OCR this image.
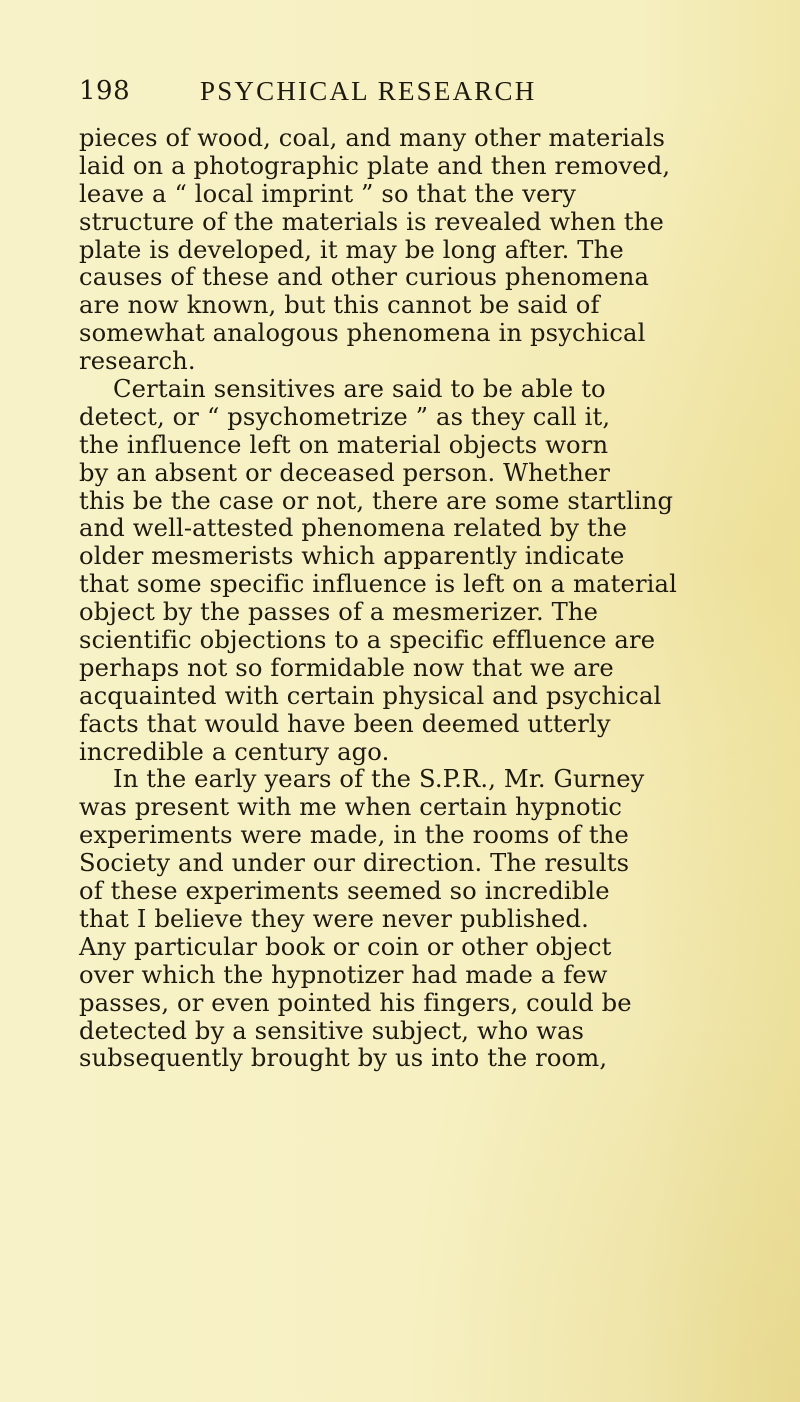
198	PSYCHICAL RESEARCH
pieces of wood, coal, and many other materials
laid on a photographic plate and then removed,
leave a “ local imprint ” so that the very
structure of the materials is revealed when the
plate is developed, it may be long after. The
causes of these and other curious phenomena
are now known, but this cannot be said of
somewhat analogous phenomena in psychical
research.
Certain sensitives are said to be able to
detect, or “ psychometrize ” as they call it,
the influence left on material objects worn
by an absent or deceased person. Whether
this be the case or not, there are some startling
and well-attested phenomena related by the
older mesmerists which apparently indicate
that some specific influence is left on a material
object by the passes of a mesmerizer. The
scientific objections to a specific effluence are
perhaps not so formidable now that we are
acquainted with certain physical and psychical
facts that would have been deemed utterly
incredible a century ago.
In the early years of the S.P.R., Mr. Gurney
was present with me when certain hypnotic
experiments were made, in the rooms of the
Society and under our direction. The results
of these experiments seemed so incredible
that I believe they were never published.
Any particular book or coin or other object
over which the hypnotizer had made a few
passes, or even pointed his fingers, could be
detected by a sensitive subject, who was
subsequently brought by us into the room,
